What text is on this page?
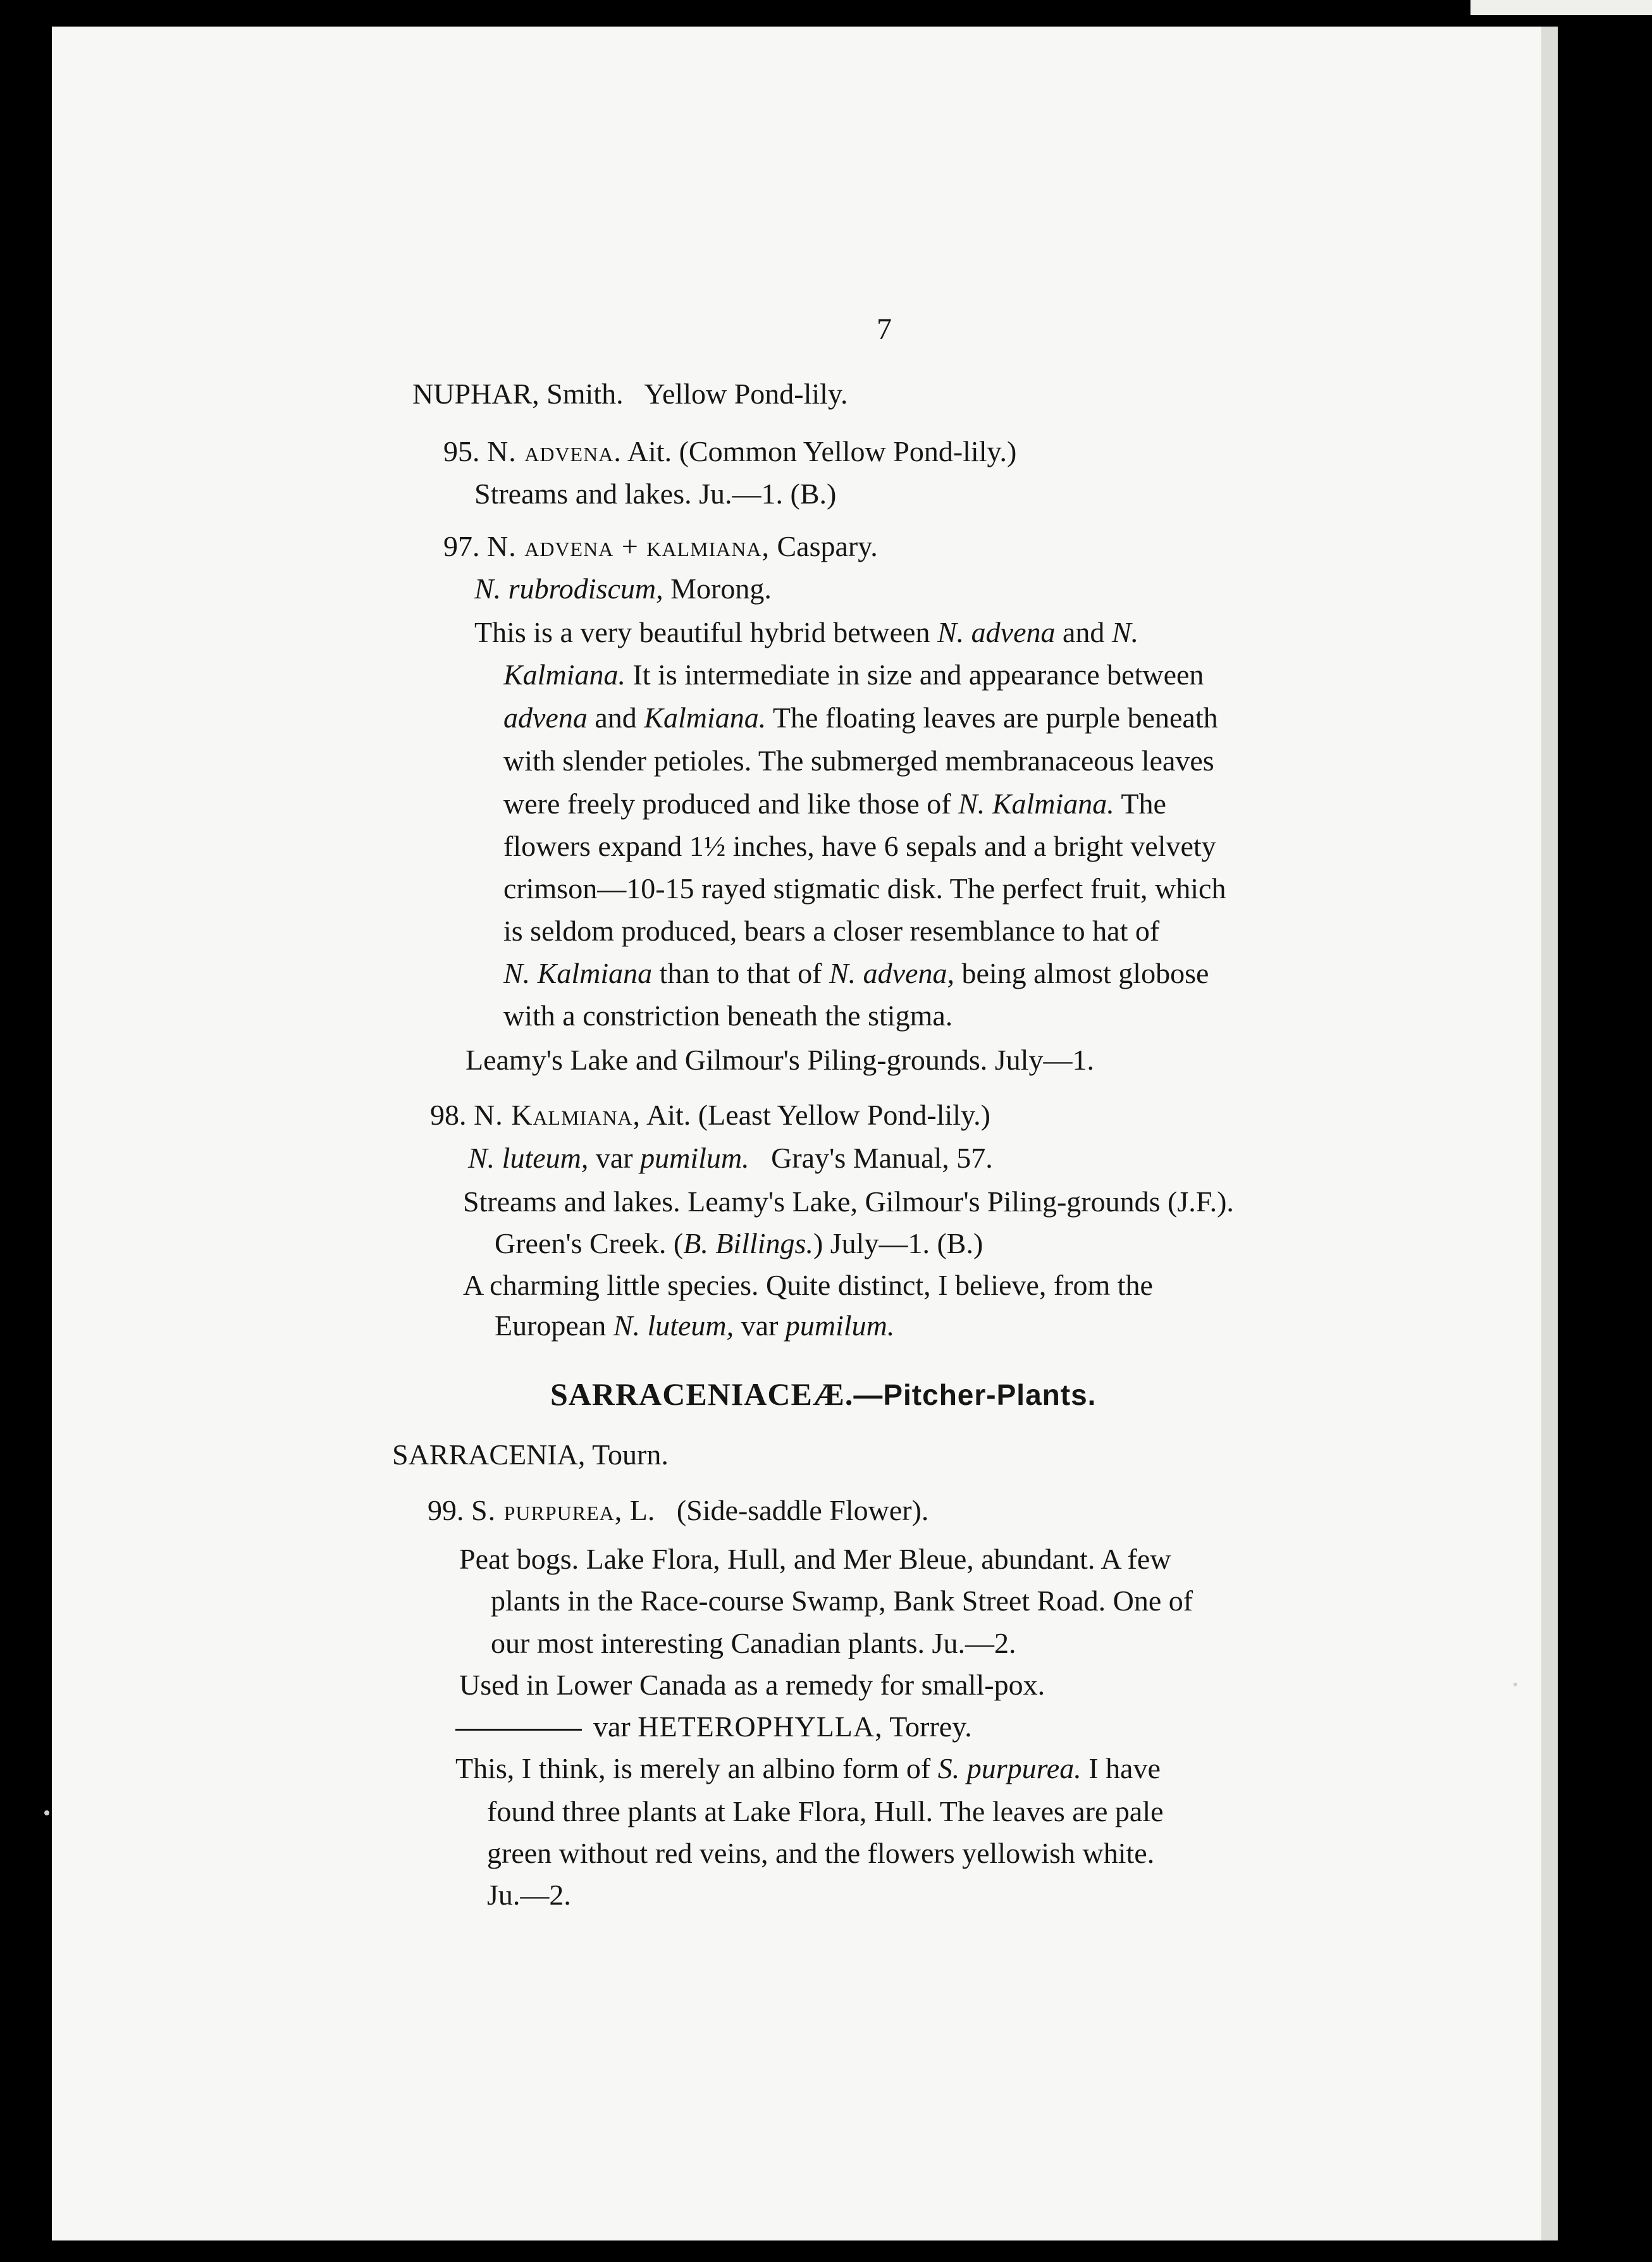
7
NUPHAR, Smith. Yellow Pond-lily.
95. N. advena. Ait. (Common Yellow Pond-lily.)
Streams and lakes. Ju.—1. (B.)
97. N. advena + kalmiana, Caspary.
N. rubrodiscum, Morong.
This is a very beautiful hybrid between N. advena and N.
Kalmiana. It is intermediate in size and appearance between
advena and Kalmiana. The floating leaves are purple beneath
with slender petioles. The submerged membranaceous leaves
were freely produced and like those of N. Kalmiana. The
flowers expand 1½ inches, have 6 sepals and a bright velvety
crimson—10-15 rayed stigmatic disk. The perfect fruit, which
is seldom produced, bears a closer resemblance to hat of
N. Kalmiana than to that of N. advena, being almost globose
with a constriction beneath the stigma.
Leamy's Lake and Gilmour's Piling-grounds. July—1.
98. N. Kalmiana, Ait. (Least Yellow Pond-lily.)
N. luteum, var pumilum. Gray's Manual, 57.
Streams and lakes. Leamy's Lake, Gilmour's Piling-grounds (J.F.).
Green's Creek. (B. Billings.) July—1. (B.)
A charming little species. Quite distinct, I believe, from the
European N. luteum, var pumilum.
SARRACENIACEÆ.—Pitcher-Plants.
SARRACENIA, Tourn.
99. S. purpurea, L. (Side-saddle Flower).
Peat bogs. Lake Flora, Hull, and Mer Bleue, abundant. A few
plants in the Race-course Swamp, Bank Street Road. One of
our most interesting Canadian plants. Ju.—2.
Used in Lower Canada as a remedy for small-pox.
var HETEROPHYLLA, Torrey.
This, I think, is merely an albino form of S. purpurea. I have
found three plants at Lake Flora, Hull. The leaves are pale
green without red veins, and the flowers yellowish white.
Ju.—2.
